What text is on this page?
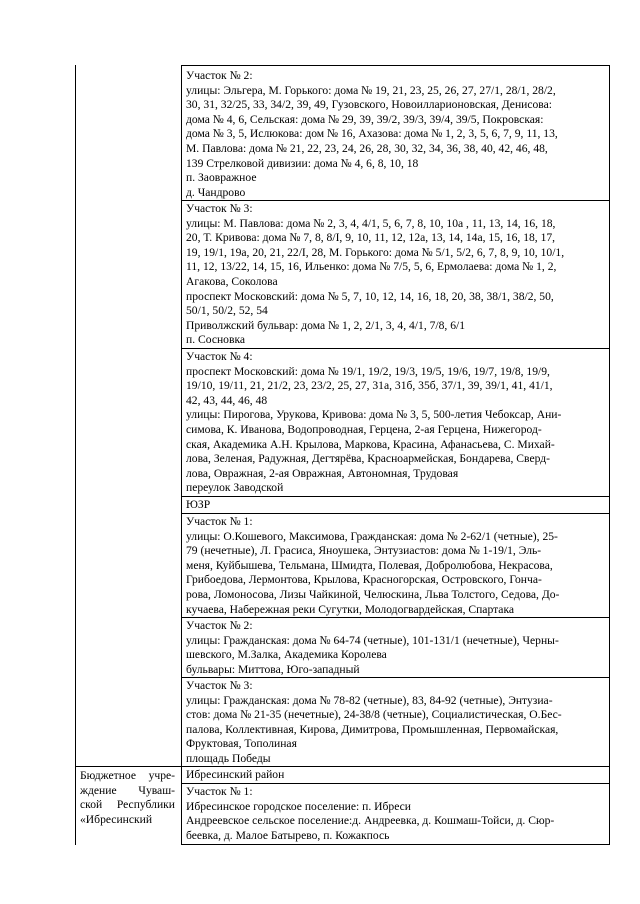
Участок № 2:
улицы: Эльгера, М. Горького: дома № 19, 21, 23, 25, 26, 27, 27/1, 28/1, 28/2,
30, 31, 32/25, 33, 34/2, 39, 49, Гузовского, Новоилларионовская, Денисова:
дома № 4, 6, Сельская: дома № 29, 39, 39/2, 39/3, 39/4, 39/5, Покровская:
дома № 3, 5, Ислюкова: дом № 16, Ахазова: дома № 1, 2, 3, 5, 6, 7, 9, 11, 13,
М. Павлова: дома № 21, 22, 23, 24, 26, 28, 30, 32, 34, 36, 38, 40, 42, 46, 48,
139 Стрелковой дивизии: дома № 4, 6, 8, 10, 18
п. Заовражное
д. Чандрово
Участок № 3:
улицы: М. Павлова: дома № 2, 3, 4, 4/1, 5, 6, 7, 8, 10, 10а , 11, 13, 14, 16, 18,
20, Т. Кривова: дома № 7, 8, 8/I, 9, 10, 11, 12, 12а, 13, 14, 14а, 15, 16, 18, 17,
19, 19/1, 19а, 20, 21, 22/I, 28, М. Горького: дома № 5/1, 5/2, 6, 7, 8, 9, 10, 10/1,
11, 12, 13/22, 14, 15, 16, Ильенко: дома № 7/5, 5, 6, Ермолаева: дома № 1, 2,
Агакова, Соколова
проспект Московский: дома № 5, 7, 10, 12, 14, 16, 18, 20, 38, 38/1, 38/2, 50,
50/1, 50/2, 52, 54
Приволжский бульвар: дома № 1, 2, 2/1, 3, 4, 4/1, 7/8, 6/1
п. Сосновка
Участок № 4:
проспект Московский: дома № 19/1, 19/2, 19/3, 19/5, 19/6, 19/7, 19/8, 19/9,
19/10, 19/11, 21, 21/2, 23, 23/2, 25, 27, 31а, 31б, 35б, 37/1, 39, 39/1, 41, 41/1,
42, 43, 44, 46, 48
улицы: Пирогова, Урукова, Кривова: дома № 3, 5, 500-летия Чебоксар, Ани-
симова, К. Иванова, Водопроводная, Герцена, 2-ая Герцена, Нижегород-
ская, Академика А.Н. Крылова, Маркова, Красина, Афанасьева, С. Михай-
лова, Зеленая, Радужная, Дегтярёва, Красноармейская, Бондарева, Сверд-
лова, Овражная, 2-ая Овражная, Автономная, Трудовая
переулок Заводской
ЮЗР
Участок № 1:
улицы: О.Кошевого, Максимова, Гражданская: дома № 2-62/1 (четные), 25-
79 (нечетные), Л. Грасиса, Яноушека, Энтузиастов: дома № 1-19/1, Эль-
меня, Куйбышева, Тельмана, Шмидта, Полевая, Добролюбова, Некрасова,
Грибоедова, Лермонтова, Крылова, Красногорская, Островского, Гонча-
рова, Ломоносова, Лизы Чайкиной, Челюскина, Льва Толстого, Седова, До-
кучаева, Набережная реки Сугутки, Молодогвардейская, Спартака
Участок № 2:
улицы: Гражданская: дома № 64-74 (четные), 101-131/1 (нечетные), Черны-
шевского, М.Залка, Академика Королева
бульвары: Миттова, Юго-западный
Участок № 3:
улицы: Гражданская: дома № 78-82 (четные), 83, 84-92 (четные), Энтузиа-
стов: дома № 21-35 (нечетные), 24-38/8 (четные), Социалистическая, О.Бес-
палова, Коллективная, Кирова, Димитрова, Промышленная, Первомайская,
Фруктовая, Тополиная
площадь Победы
Ибресинский район
Участок № 1:
Ибресинское городское поселение: п. Ибреси
Андреевское сельское поселение:д. Андреевка, д. Кошмаш-Тойси, д. Сюр-
беевка, д. Малое Батырево, п. Кожакпось
Бюджетное учре-
ждение Чуваш-
ской Республики
«Ибресинский
